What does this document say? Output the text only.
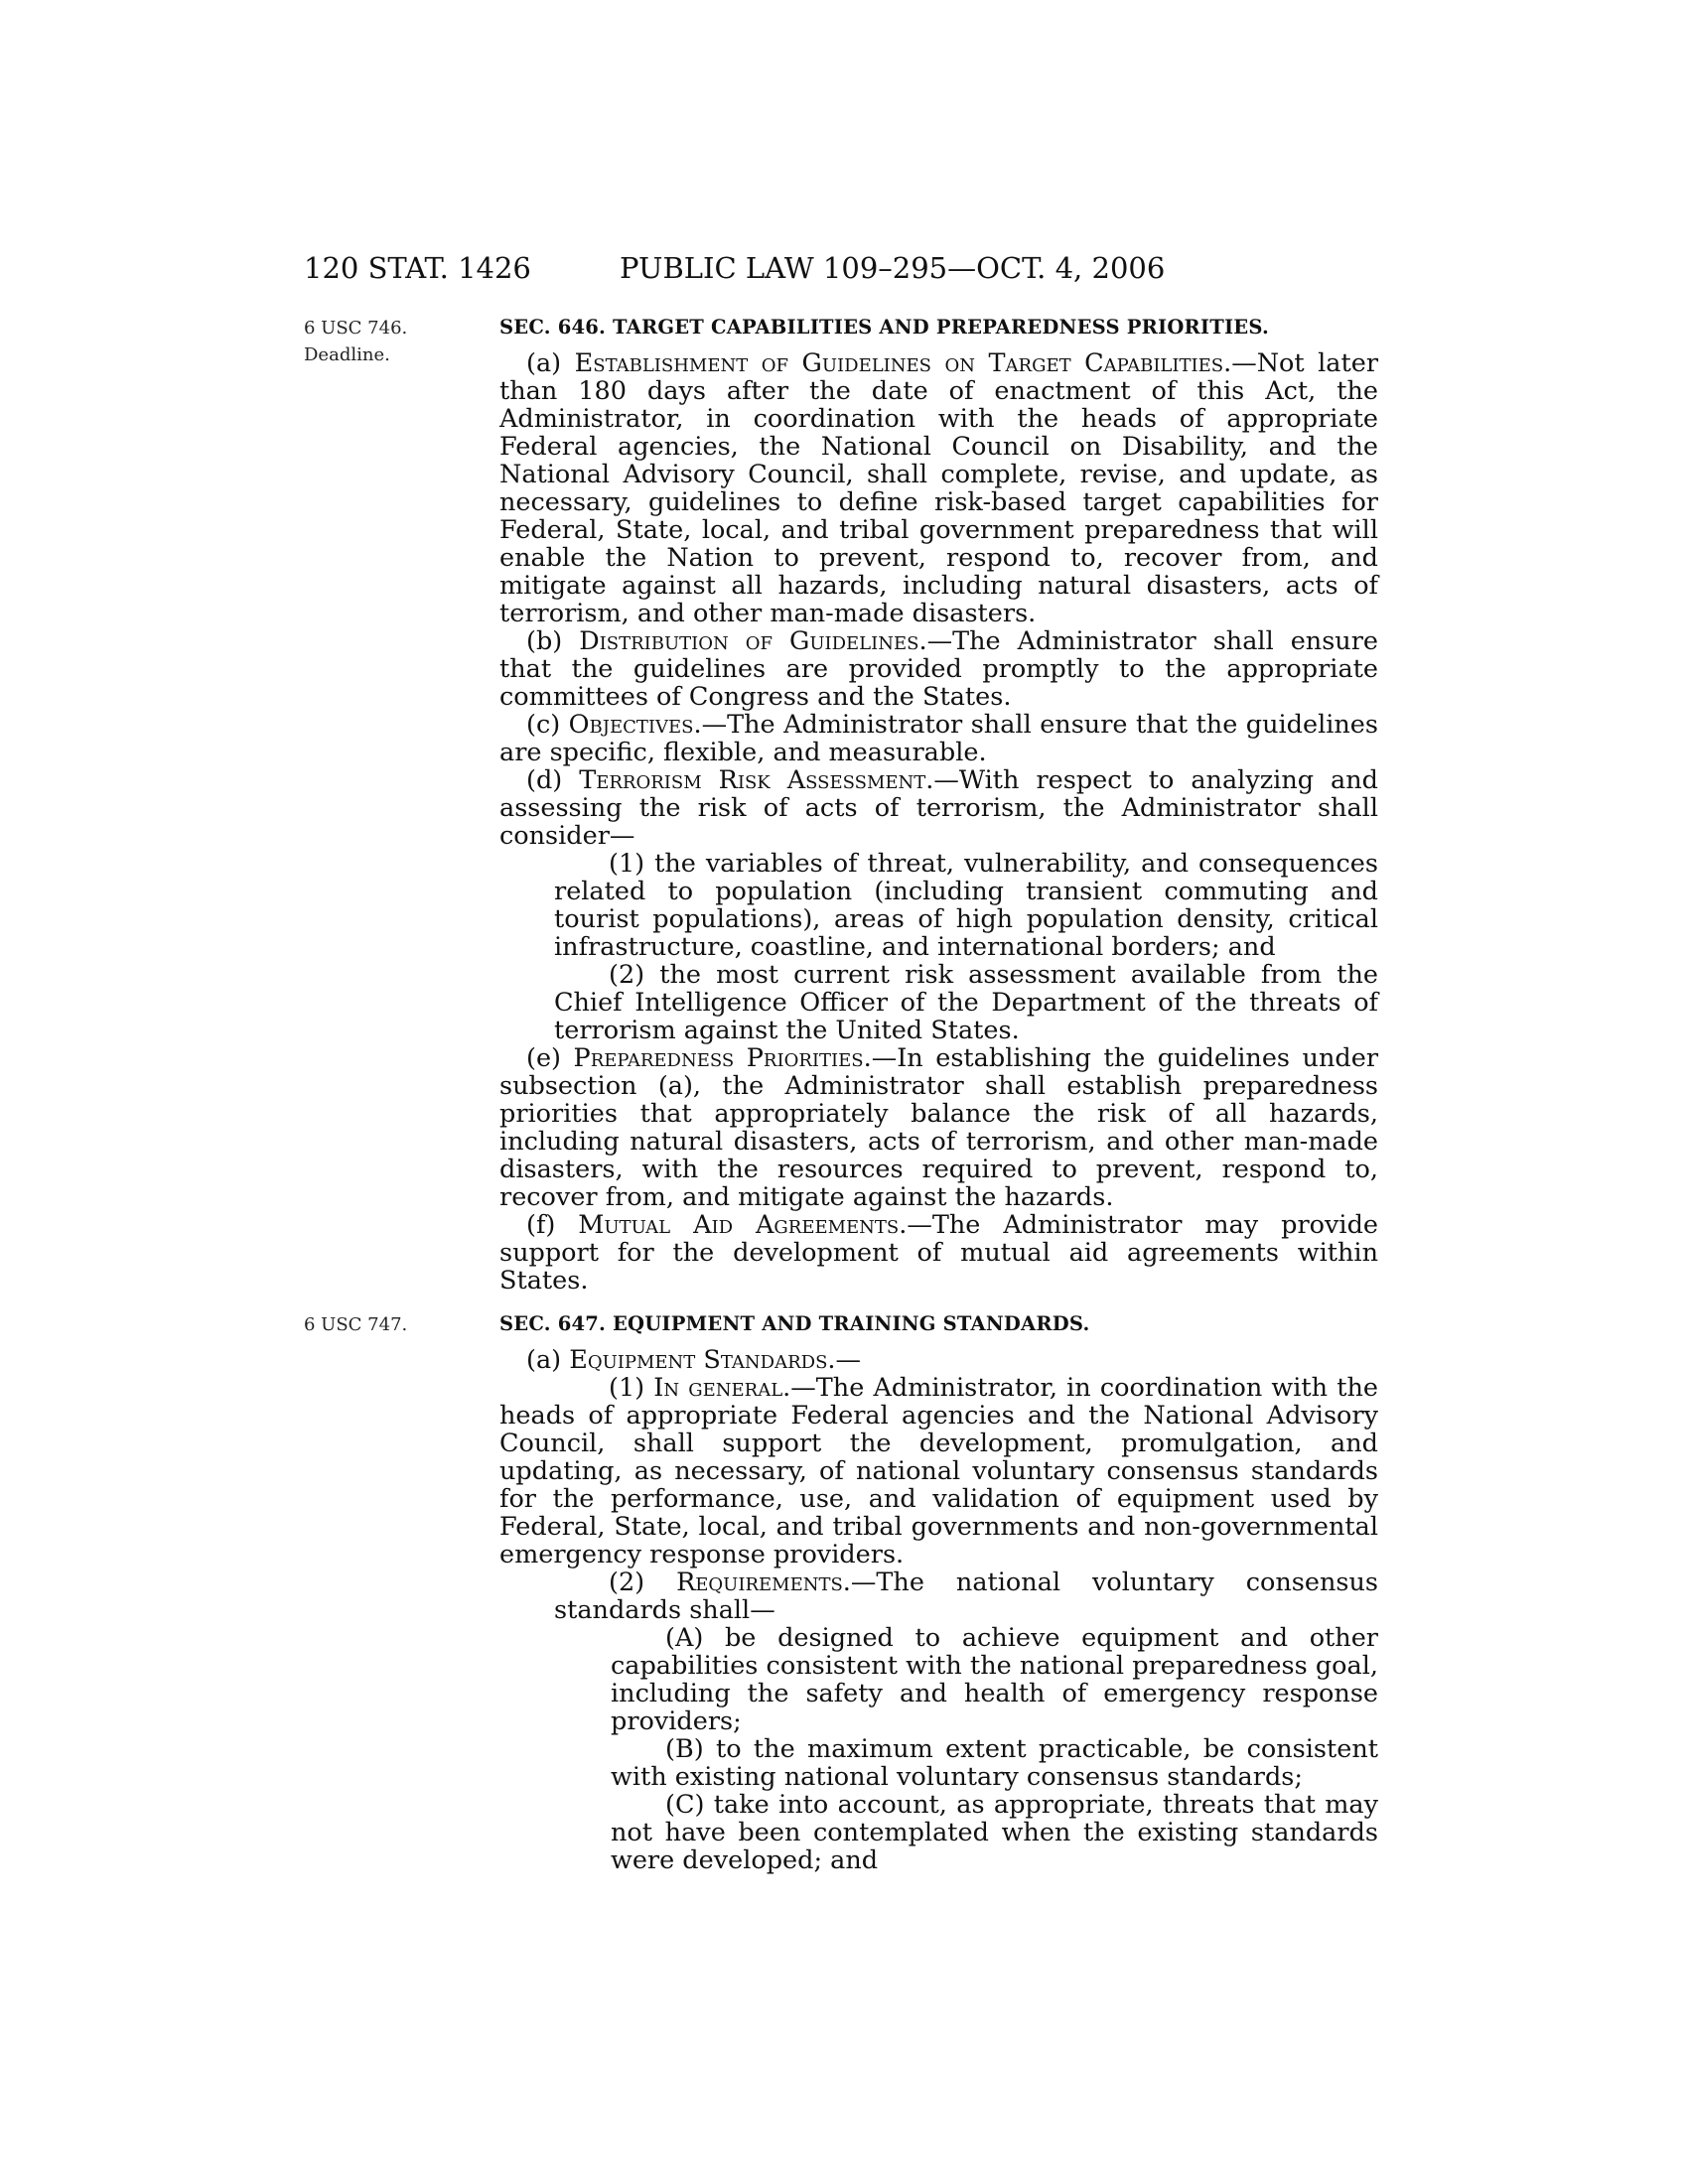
120 STAT. 1426	PUBLIC LAW 109–295—OCT. 4, 2006
6 USC 746.
Deadline.
6 USC 747.

SEC. 646. TARGET CAPABILITIES AND PREPAREDNESS PRIORITIES.

(a) Establishment of Guidelines on Target Capabilities.—Not later than 180 days after the date of enactment of this Act, the Administrator, in coordination with the heads of appropriate Federal agencies, the National Council on Disability, and the National Advisory Council, shall complete, revise, and update, as necessary, guidelines to define risk-based target capabilities for Federal, State, local, and tribal government preparedness that will enable the Nation to prevent, respond to, recover from, and mitigate against all hazards, including natural disasters, acts of terrorism, and other man-made disasters.

(b) Distribution of Guidelines.—The Administrator shall ensure that the guidelines are provided promptly to the appropriate committees of Congress and the States.

(c) Objectives.—The Administrator shall ensure that the guidelines are specific, flexible, and measurable.

(d) Terrorism Risk Assessment.—With respect to analyzing and assessing the risk of acts of terrorism, the Administrator shall consider—

(1) the variables of threat, vulnerability, and consequences related to population (including transient commuting and tourist populations), areas of high population density, critical infrastructure, coastline, and international borders; and

(2) the most current risk assessment available from the Chief Intelligence Officer of the Department of the threats of terrorism against the United States.

(e) Preparedness Priorities.—In establishing the guidelines under subsection (a), the Administrator shall establish preparedness priorities that appropriately balance the risk of all hazards, including natural disasters, acts of terrorism, and other man-made disasters, with the resources required to prevent, respond to, recover from, and mitigate against the hazards.

(f) Mutual Aid Agreements.—The Administrator may provide support for the development of mutual aid agreements within States.

SEC. 647. EQUIPMENT AND TRAINING STANDARDS.

(a) Equipment Standards.—

(1) In general.—The Administrator, in coordination with the heads of appropriate Federal agencies and the National Advisory Council, shall support the development, promulgation, and updating, as necessary, of national voluntary consensus standards for the performance, use, and validation of equipment used by Federal, State, local, and tribal governments and non-governmental emergency response providers.

(2) Requirements.—The national voluntary consensus standards shall—

(A) be designed to achieve equipment and other capabilities consistent with the national preparedness goal, including the safety and health of emergency response providers;

(B) to the maximum extent practicable, be consistent with existing national voluntary consensus standards;

(C) take into account, as appropriate, threats that may not have been contemplated when the existing standards were developed; and
